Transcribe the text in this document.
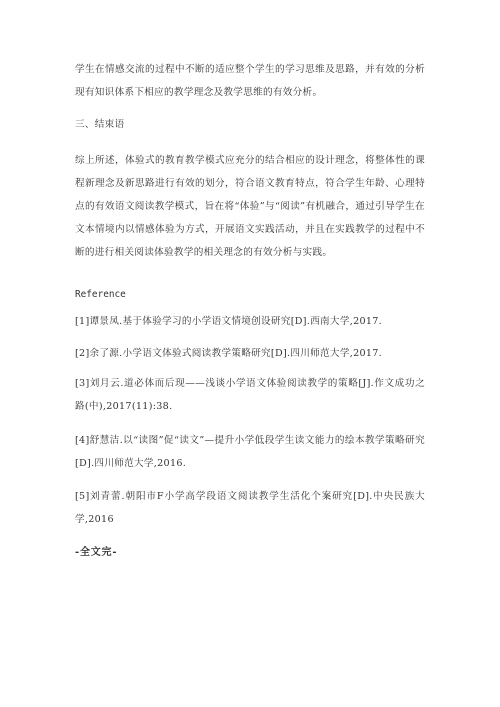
学生在情感交流的过程中不断的适应整个学生的学习思维及思路，并有效的分析现有知识体系下相应的教学理念及教学思维的有效分析。
三、结束语
综上所述，体验式的教育教学模式应充分的结合相应的设计理念，将整体性的课程新理念及新思路进行有效的划分，符合语文教育特点，符合学生年龄、心理特点的有效语文阅读教学模式，旨在将“体验”与“阅读”有机融合，通过引导学生在文本情境内以情感体验为方式，开展语文实践活动，并且在实践教学的过程中不断的进行相关阅读体验教学的相关理念的有效分析与实践。
Reference
[1]谭景凤.基于体验学习的小学语文情境创设研究[D].西南大学,2017.
[2]余了源.小学语文体验式阅读教学策略研究[D].四川师范大学,2017.
[3]刘月云.道必体而后现——浅谈小学语文体验阅读教学的策略[J].作文成功之路(中),2017(11):38.
[4]舒慧洁.以“读图”促“读文”—提升小学低段学生读文能力的绘本教学策略研究[D].四川师范大学,2016.
[5]刘青蕾.朝阳市F小学高学段语文阅读教学生活化个案研究[D].中央民族大学,2016
-全文完-
